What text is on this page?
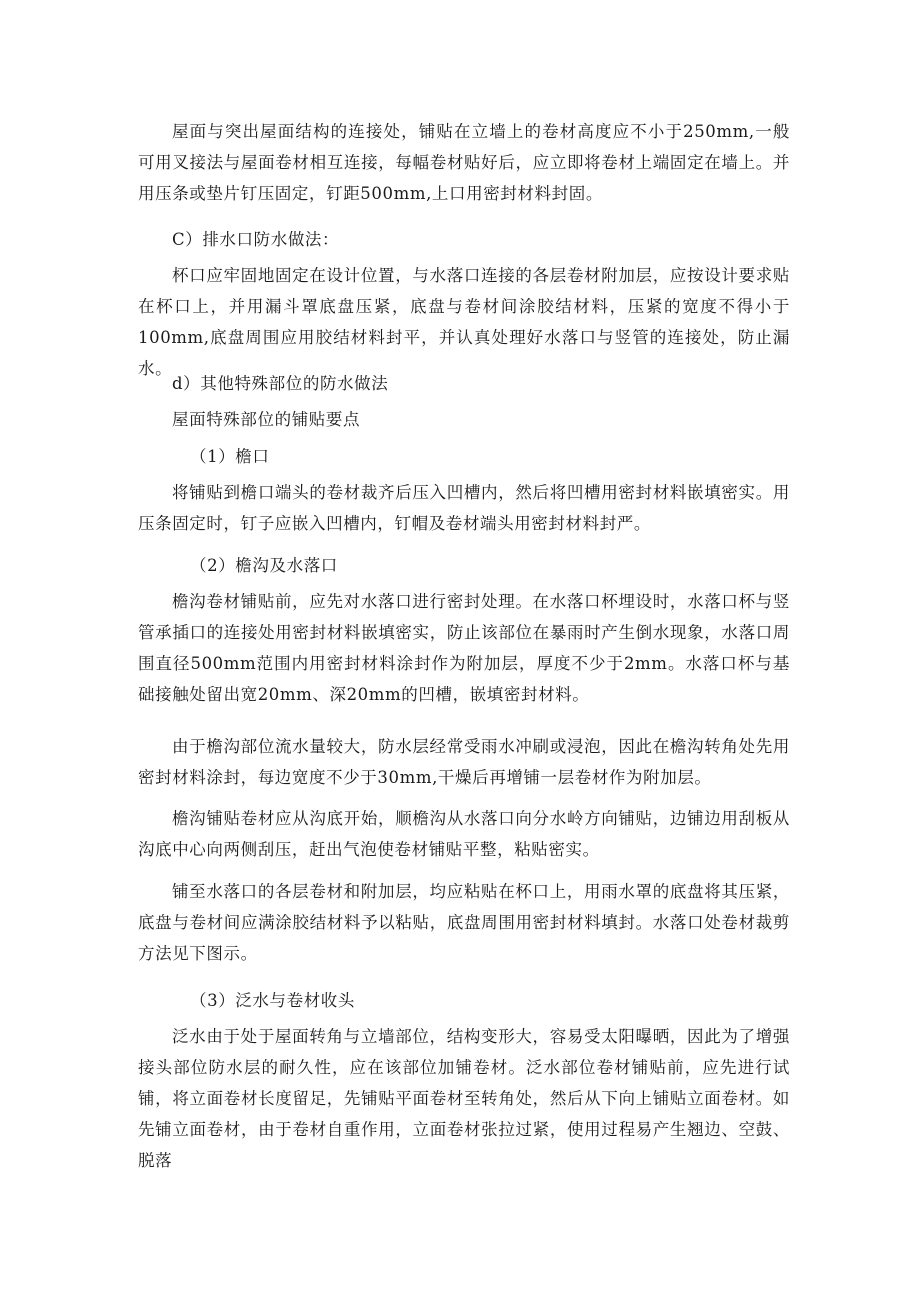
屋面与突出屋面结构的连接处，铺贴在立墙上的卷材高度应不小于250mm,一般可用叉接法与屋面卷材相互连接，每幅卷材贴好后，应立即将卷材上端固定在墙上。并用压条或垫片钉压固定，钉距500mm,上口用密封材料封固。

C）排水口防水做法：

杯口应牢固地固定在设计位置，与水落口连接的各层卷材附加层，应按设计要求贴在杯口上，并用漏斗罩底盘压紧，底盘与卷材间涂胶结材料，压紧的宽度不得小于100mm,底盘周围应用胶结材料封平，并认真处理好水落口与竖管的连接处，防止漏水。

d）其他特殊部位的防水做法

屋面特殊部位的铺贴要点

（1）檐口

将铺贴到檐口端头的卷材裁齐后压入凹槽内，然后将凹槽用密封材料嵌填密实。用压条固定时，钉子应嵌入凹槽内，钉帽及卷材端头用密封材料封严。

（2）檐沟及水落口

檐沟卷材铺贴前，应先对水落口进行密封处理。在水落口杯埋设时，水落口杯与竖管承插口的连接处用密封材料嵌填密实，防止该部位在暴雨时产生倒水现象，水落口周围直径500mm范围内用密封材料涂封作为附加层，厚度不少于2mm。水落口杯与基础接触处留出宽20mm、深20mm的凹槽，嵌填密封材料。

由于檐沟部位流水量较大，防水层经常受雨水冲刷或浸泡，因此在檐沟转角处先用密封材料涂封，每边宽度不少于30mm,干燥后再增铺一层卷材作为附加层。

檐沟铺贴卷材应从沟底开始，顺檐沟从水落口向分水岭方向铺贴，边铺边用刮板从沟底中心向两侧刮压，赶出气泡使卷材铺贴平整，粘贴密实。

铺至水落口的各层卷材和附加层，均应粘贴在杯口上，用雨水罩的底盘将其压紧，底盘与卷材间应满涂胶结材料予以粘贴，底盘周围用密封材料填封。水落口处卷材裁剪方法见下图示。

（3）泛水与卷材收头

泛水由于处于屋面转角与立墙部位，结构变形大，容易受太阳曝晒，因此为了增强接头部位防水层的耐久性，应在该部位加铺卷材。泛水部位卷材铺贴前，应先进行试铺，将立面卷材长度留足，先铺贴平面卷材至转角处，然后从下向上铺贴立面卷材。如先铺立面卷材，由于卷材自重作用，立面卷材张拉过紧，使用过程易产生翘边、空鼓、脱落
